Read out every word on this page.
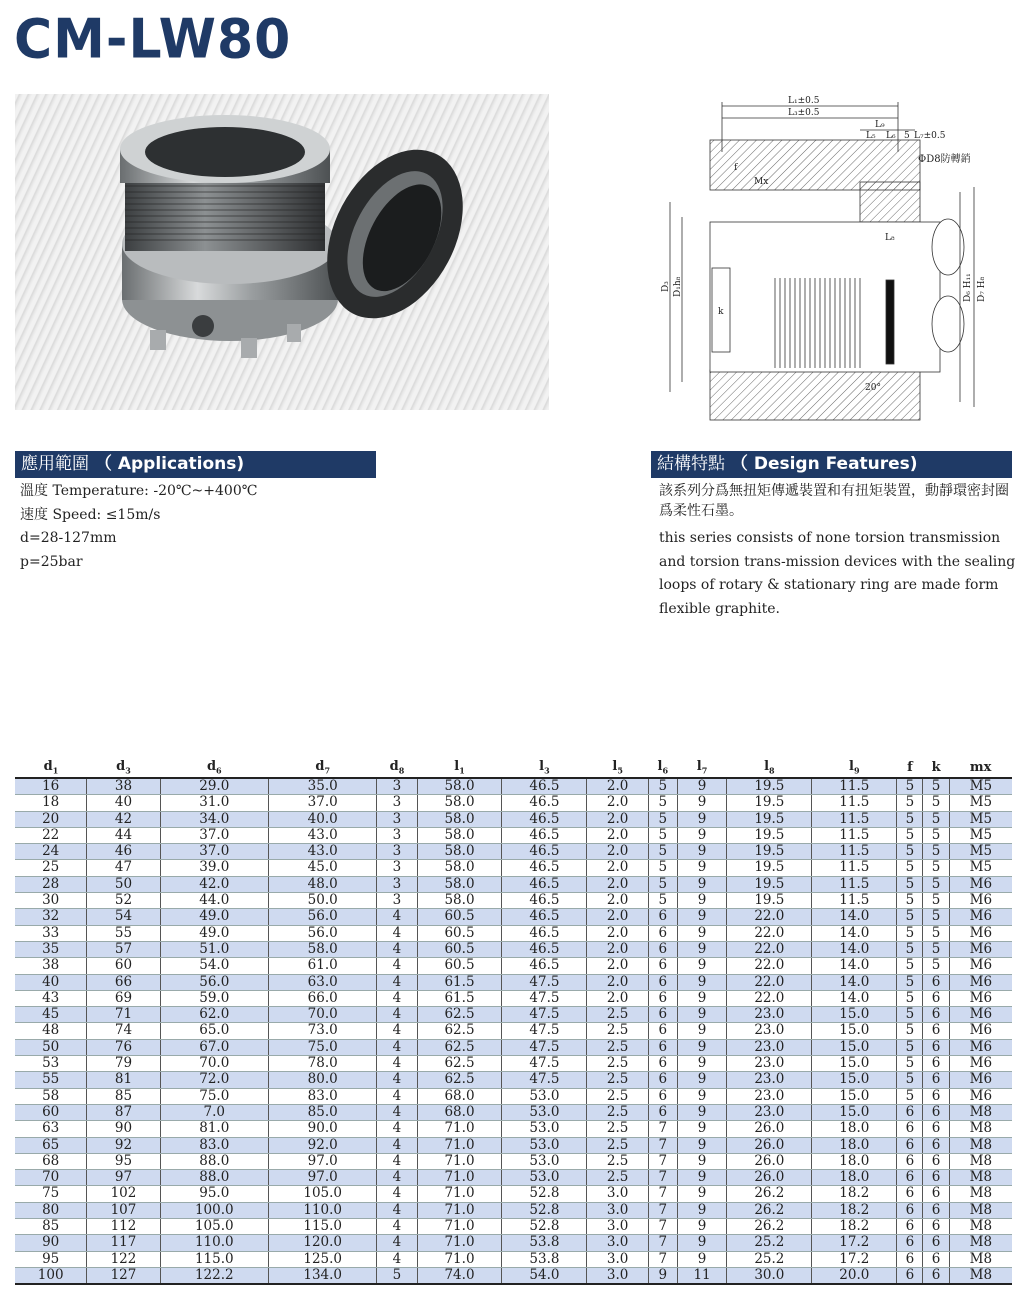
CM-LW80
L₁±0.5
L₃±0.5
L₉
L₅ L₆ 5 L₇±0.5
ΦD8防轉銷
f
Mx
L₈
k
20°
D₃ D₁h₈	D₆ H₁₁ D₇ H₈
應用範圍 （ Applications)
溫度 Temperature: -20℃~+400℃
速度 Speed: ≤15m/s
d=28-127mm
p=25bar
結構特點 （ Design Features)
該系列分爲無扭矩傳遞裝置和有扭矩裝置，動靜環密封圈爲柔性石墨。
this series consists of none torsion transmission and torsion trans-mission devices with the sealing loops of rotary & stationary ring are made form flexible graphite.
$d_1$	$d_3$	$d_6$	$d_7$	$d_8$	$l_1$	$l_3$	$l_5$	$l_6$	$l_7$	$l_8$	$l_9$	f	k	mx
16	38	29.0	35.0	3	58.0	46.5	2.0	5	9	19.5	11.5	5	5	M5
18	40	31.0	37.0	3	58.0	46.5	2.0	5	9	19.5	11.5	5	5	M5
20	42	34.0	40.0	3	58.0	46.5	2.0	5	9	19.5	11.5	5	5	M5
22	44	37.0	43.0	3	58.0	46.5	2.0	5	9	19.5	11.5	5	5	M5
24	46	37.0	43.0	3	58.0	46.5	2.0	5	9	19.5	11.5	5	5	M5
25	47	39.0	45.0	3	58.0	46.5	2.0	5	9	19.5	11.5	5	5	M5
28	50	42.0	48.0	3	58.0	46.5	2.0	5	9	19.5	11.5	5	5	M6
30	52	44.0	50.0	3	58.0	46.5	2.0	5	9	19.5	11.5	5	5	M6
32	54	49.0	56.0	4	60.5	46.5	2.0	6	9	22.0	14.0	5	5	M6
33	55	49.0	56.0	4	60.5	46.5	2.0	6	9	22.0	14.0	5	5	M6
35	57	51.0	58.0	4	60.5	46.5	2.0	6	9	22.0	14.0	5	5	M6
38	60	54.0	61.0	4	60.5	46.5	2.0	6	9	22.0	14.0	5	5	M6
40	66	56.0	63.0	4	61.5	47.5	2.0	6	9	22.0	14.0	5	6	M6
43	69	59.0	66.0	4	61.5	47.5	2.0	6	9	22.0	14.0	5	6	M6
45	71	62.0	70.0	4	62.5	47.5	2.5	6	9	23.0	15.0	5	6	M6
48	74	65.0	73.0	4	62.5	47.5	2.5	6	9	23.0	15.0	5	6	M6
50	76	67.0	75.0	4	62.5	47.5	2.5	6	9	23.0	15.0	5	6	M6
53	79	70.0	78.0	4	62.5	47.5	2.5	6	9	23.0	15.0	5	6	M6
55	81	72.0	80.0	4	62.5	47.5	2.5	6	9	23.0	15.0	5	6	M6
58	85	75.0	83.0	4	68.0	53.0	2.5	6	9	23.0	15.0	5	6	M6
60	87	7.0	85.0	4	68.0	53.0	2.5	6	9	23.0	15.0	6	6	M8
63	90	81.0	90.0	4	71.0	53.0	2.5	7	9	26.0	18.0	6	6	M8
65	92	83.0	92.0	4	71.0	53.0	2.5	7	9	26.0	18.0	6	6	M8
68	95	88.0	97.0	4	71.0	53.0	2.5	7	9	26.0	18.0	6	6	M8
70	97	88.0	97.0	4	71.0	53.0	2.5	7	9	26.0	18.0	6	6	M8
75	102	95.0	105.0	4	71.0	52.8	3.0	7	9	26.2	18.2	6	6	M8
80	107	100.0	110.0	4	71.0	52.8	3.0	7	9	26.2	18.2	6	6	M8
85	112	105.0	115.0	4	71.0	52.8	3.0	7	9	26.2	18.2	6	6	M8
90	117	110.0	120.0	4	71.0	53.8	3.0	7	9	25.2	17.2	6	6	M8
95	122	115.0	125.0	4	71.0	53.8	3.0	7	9	25.2	17.2	6	6	M8
100	127	122.2	134.0	5	74.0	54.0	3.0	9	11	30.0	20.0	6	6	M8
